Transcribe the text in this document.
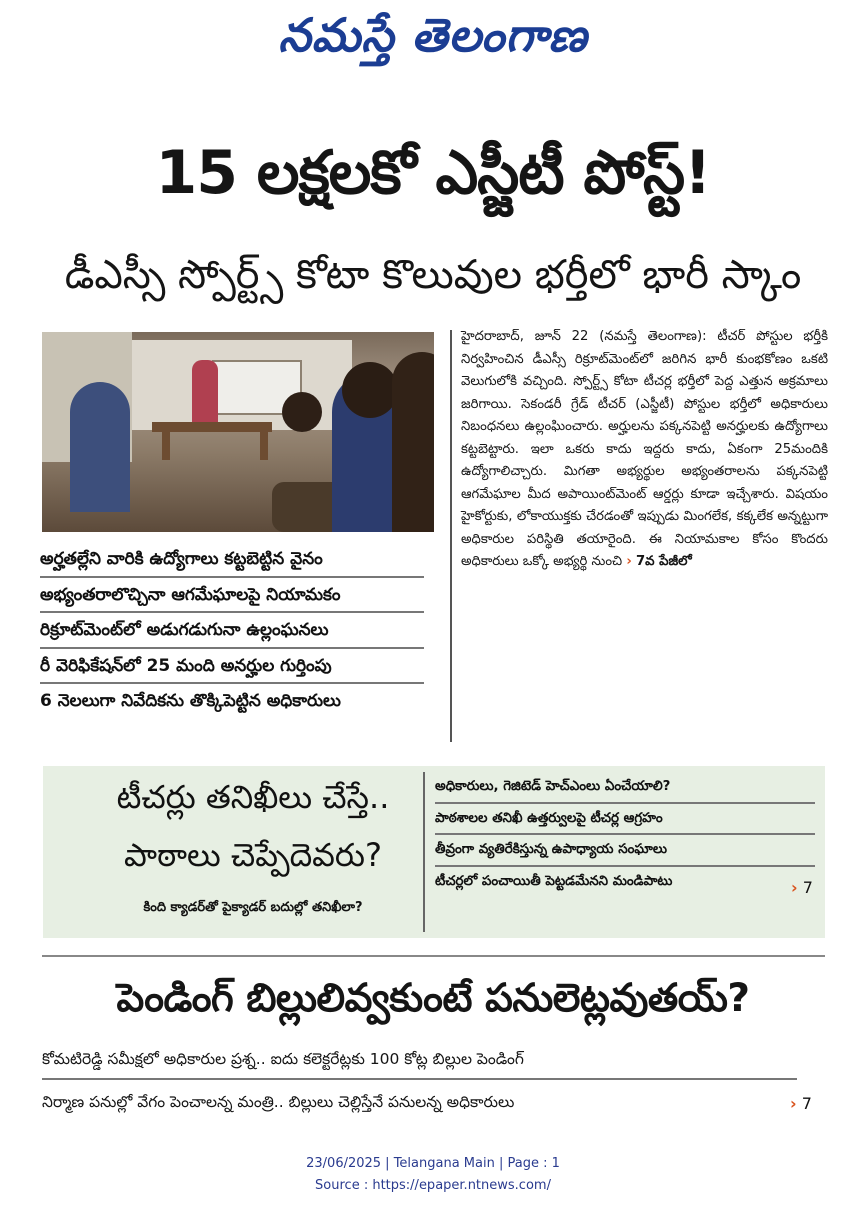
నమస్తే తెలంగాణ
15 లక్షలకో ఎస్జీటీ పోస్ట్!
డీఎస్సీ స్పోర్ట్స్ కోటా కొలువుల భర్తీలో భారీ స్కాం
అర్హతల్లేని వారికి ఉద్యోగాలు కట్టబెట్టిన వైనం
అభ్యంతరాలొచ్చినా ఆగమేఘాలపై నియామకం
రిక్రూట్‌మెంట్‌లో అడుగడుగునా ఉల్లంఘనలు
రీ వెరిఫికేషన్‌లో 25 మంది అనర్హుల గుర్తింపు
6 నెలలుగా నివేదికను తొక్కిపెట్టిన అధికారులు
హైదరాబాద్, జూన్ 22 (నమస్తే తెలంగాణ): టీచర్ పోస్టుల భర్తీకి నిర్వహించిన డీఎస్సీ రిక్రూట్‌మెంట్‌లో జరిగిన భారీ కుంభకోణం ఒకటి వెలుగులోకి వచ్చింది. స్పోర్ట్స్ కోటా టీచర్ల భర్తీలో పెద్ద ఎత్తున అక్రమాలు జరిగాయి. సెకండరీ గ్రేడ్ టీచర్ (ఎస్జీటీ) పోస్టుల భర్తీలో అధికారులు నిబంధనలు ఉల్లంఘించారు. అర్హులను పక్కనపెట్టి అనర్హులకు ఉద్యోగాలు కట్టబెట్టారు. ఇలా ఒకరు కాదు ఇద్దరు కాదు, ఏకంగా 25మందికి ఉద్యోగాలిచ్చారు. మిగతా అభ్యర్థుల అభ్యంతరాలను పక్కనపెట్టి ఆగమేఘాల మీద అపాయింట్‌మెంట్ ఆర్డర్లు కూడా ఇచ్చేశారు. విషయం హైకోర్టుకు, లోకాయుక్తకు చేరడంతో ఇప్పుడు మింగలేక, కక్కలేక అన్నట్టుగా అధికారుల పరిస్థితి తయారైంది. ఈ నియామకాల కోసం కొందరు అధికారులు ఒక్కో అభ్యర్థి నుంచి › 7వ పేజీలో
టీచర్లు తనిఖీలు చేస్తే..
పాఠాలు చెప్పేదెవరు?
కింది క్యాడర్‌తో పైక్యాడర్ బదుల్లో తనిఖీలా?
అధికారులు, గెజిటెడ్ హెచ్‌ఎంలు ఏంచేయాలి?
పాఠశాలల తనిఖీ ఉత్తర్వులపై టీచర్ల ఆగ్రహం
తీవ్రంగా వ్యతిరేకిస్తున్న ఉపాధ్యాయ సంఘాలు
టీచర్లలో పంచాయితీ పెట్టడమేనని మండిపాటు	› 7
పెండింగ్ బిల్లులివ్వకుంటే పనులెట్లవుతయ్?
కోమటిరెడ్డి సమీక్షలో అధికారుల ప్రశ్న.. ఐదు కలెక్టరేట్లకు 100 కోట్ల బిల్లుల పెండింగ్
నిర్మాణ పనుల్లో వేగం పెంచాలన్న మంత్రి.. బిల్లులు చెల్లిస్తేనే పనులన్న అధికారులు	› 7
23/06/2025 | Telangana Main | Page : 1
Source : https://epaper.ntnews.com/
